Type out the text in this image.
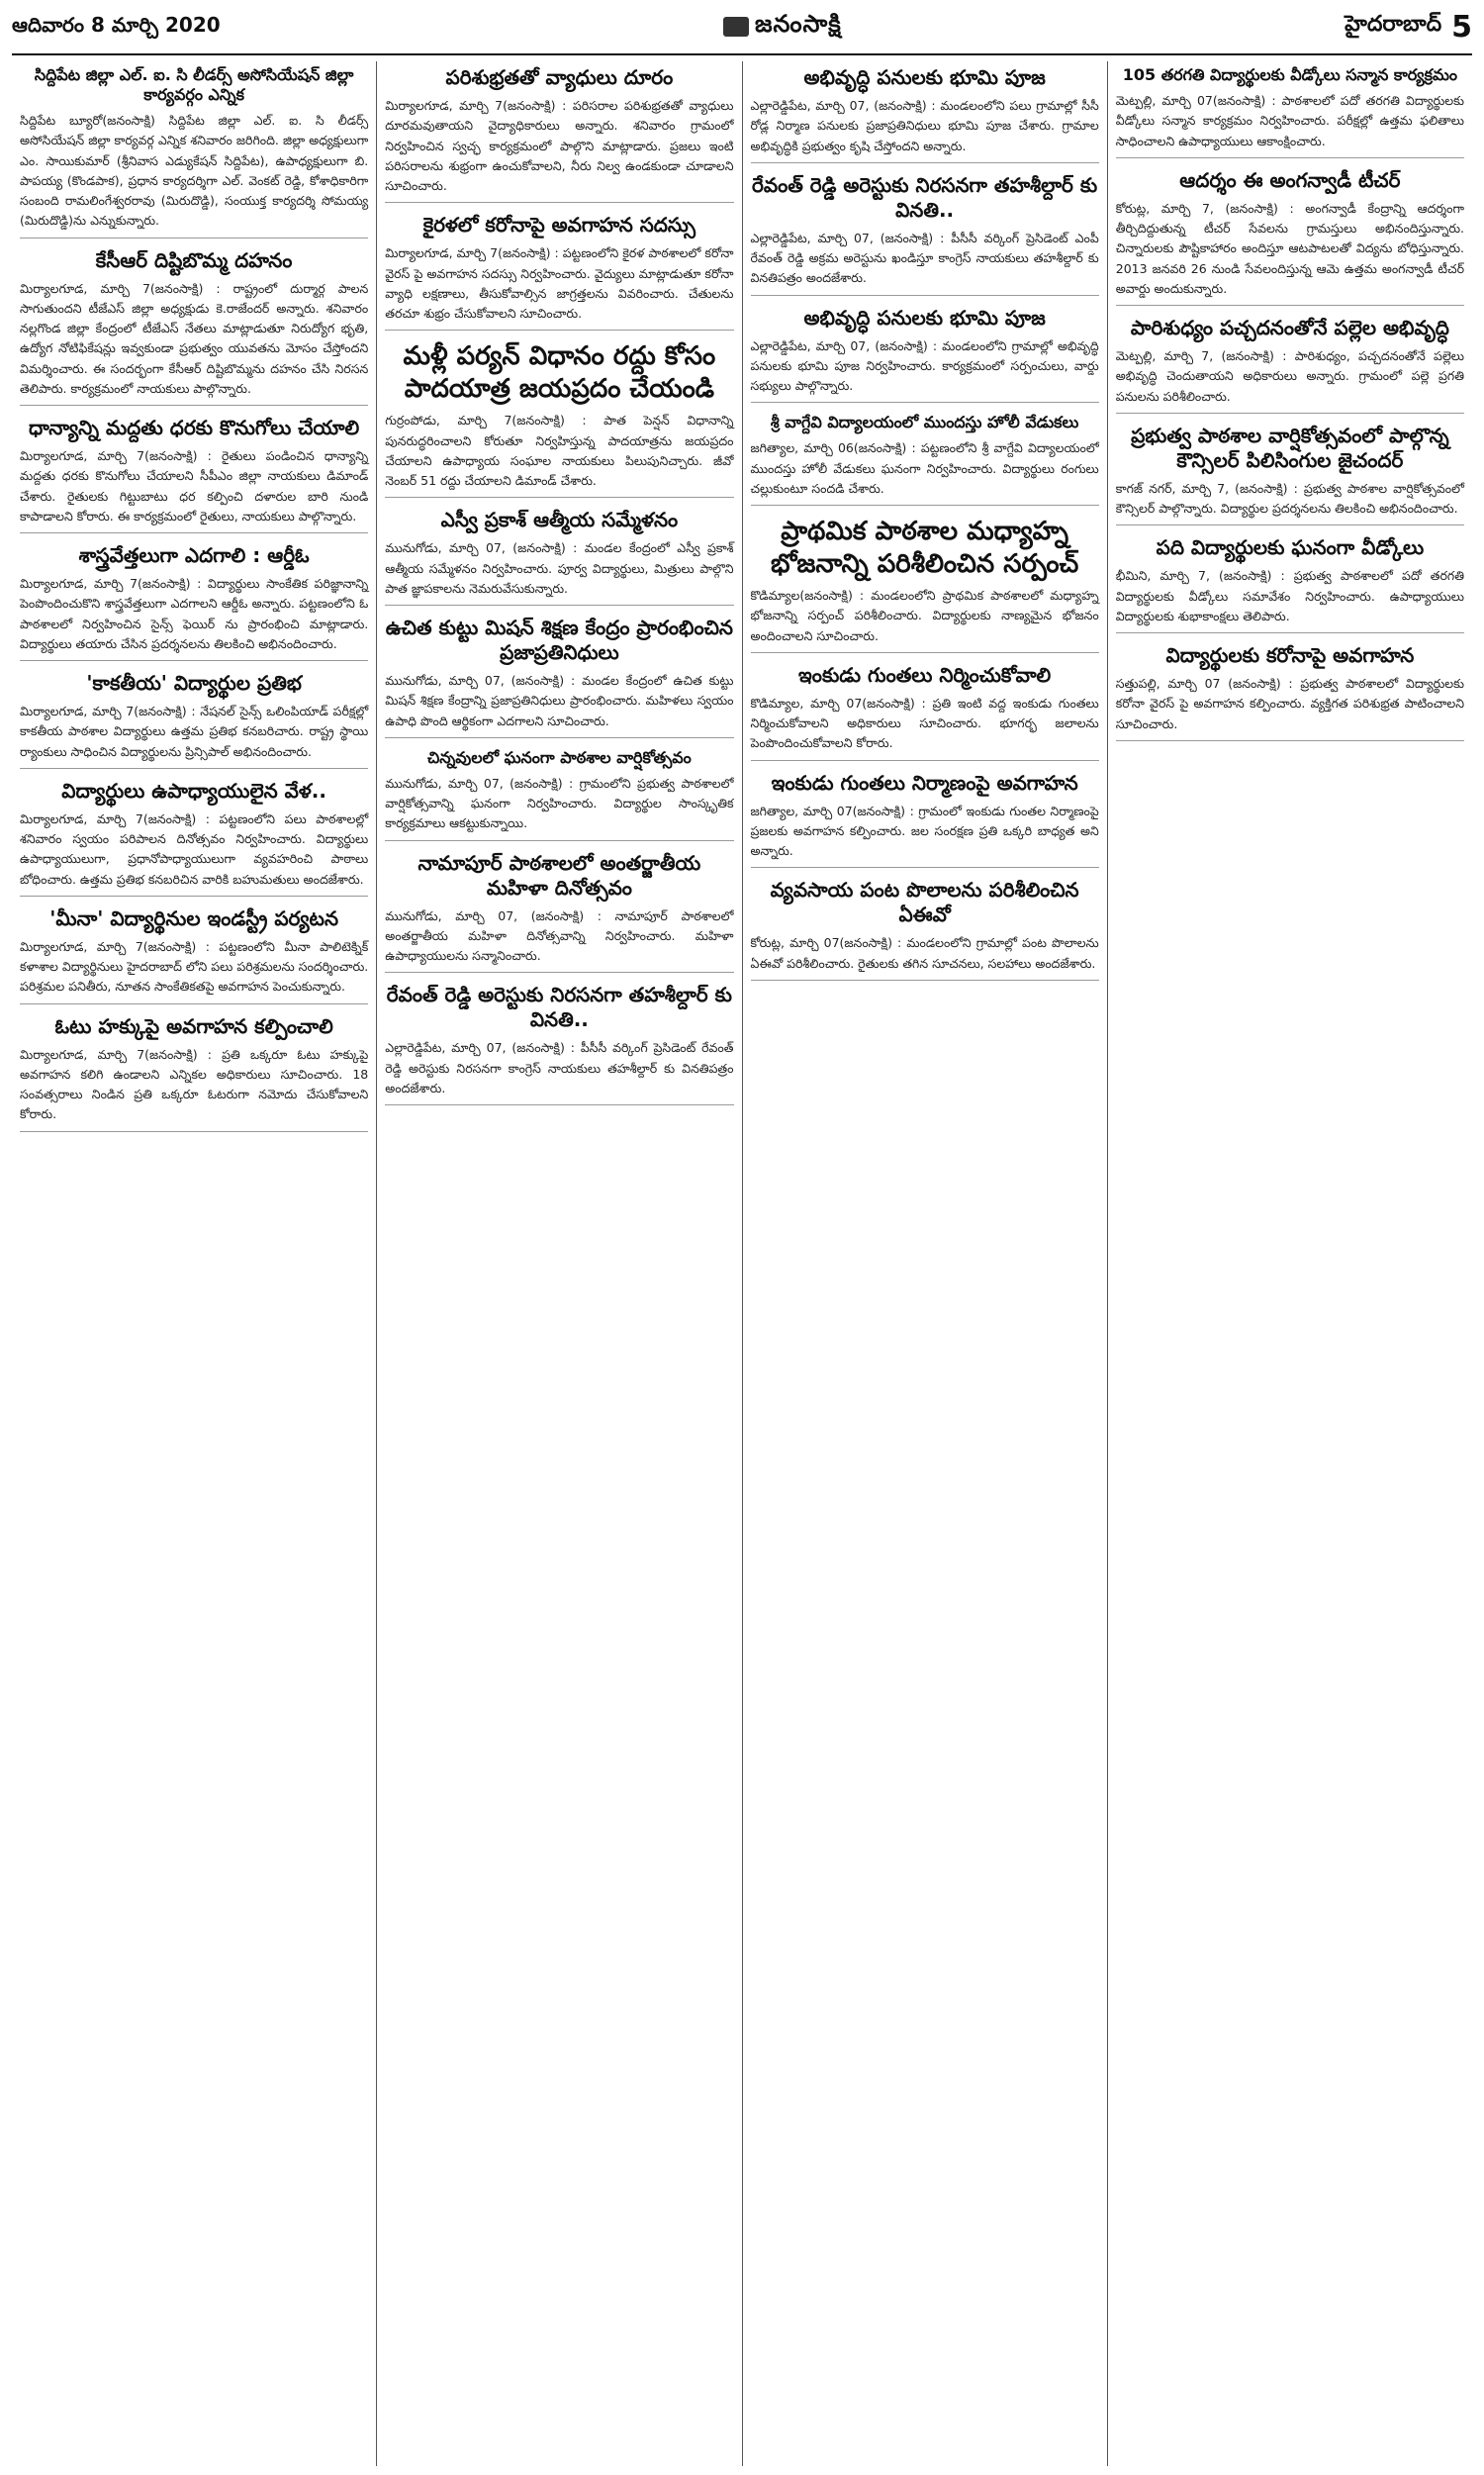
ఆదివారం 8 మార్చి 2020	జనంసాక్షి	హైదరాబాద్ 5
సిద్దిపేట జిల్లా ఎల్. ఐ. సి లీడర్స్ అసోసియేషన్ జిల్లా కార్యవర్గం ఎన్నిక
సిద్దిపేట బ్యూరో(జనంసాక్షి) సిద్దిపేట జిల్లా ఎల్. ఐ. సి లీడర్స్ అసోసియేషన్ జిల్లా కార్యవర్గ ఎన్నిక శనివారం జరిగింది. జిల్లా అధ్యక్షులుగా ఎం. సాయికుమార్ (శ్రీనివాస ఎడ్యుకేషన్ సిద్దిపేట), ఉపాధ్యక్షులుగా బి. పాపయ్య (కొండపాక), ప్రధాన కార్యదర్శిగా ఎల్. వెంకట్ రెడ్డి, కోశాధికారిగా సంబంది రామలింగేశ్వరరావు (మిరుదొడ్డి), సంయుక్త కార్యదర్శి సోమయ్య (మిరుదొడ్డి)ను ఎన్నుకున్నారు.
కేసీఆర్ దిష్టిబొమ్మ దహనం
మిర్యాలగూడ, మార్చి 7(జనంసాక్షి) : రాష్ట్రంలో దుర్మార్గ పాలన సాగుతుందని టీజేఎస్ జిల్లా అధ్యక్షుడు కె.రాజేందర్ అన్నారు. శనివారం నల్లగొండ జిల్లా కేంద్రంలో టీజేఎస్ నేతలు మాట్లాడుతూ నిరుద్యోగ భృతి, ఉద్యోగ నోటిఫికేషన్లు ఇవ్వకుండా ప్రభుత్వం యువతను మోసం చేస్తోందని విమర్శించారు. ఈ సందర్భంగా కేసీఆర్ దిష్టిబొమ్మను దహనం చేసి నిరసన తెలిపారు. కార్యక్రమంలో నాయకులు పాల్గొన్నారు.
ధాన్యాన్ని మద్దతు ధరకు కొనుగోలు చేయాలి
మిర్యాలగూడ, మార్చి 7(జనంసాక్షి) : రైతులు పండించిన ధాన్యాన్ని మద్దతు ధరకు కొనుగోలు చేయాలని సీపీఎం జిల్లా నాయకులు డిమాండ్ చేశారు. రైతులకు గిట్టుబాటు ధర కల్పించి దళారుల బారి నుండి కాపాడాలని కోరారు. ఈ కార్యక్రమంలో రైతులు, నాయకులు పాల్గొన్నారు.
శాస్త్రవేత్తలుగా ఎదగాలి : ఆర్డీఓ
మిర్యాలగూడ, మార్చి 7(జనంసాక్షి) : విద్యార్థులు సాంకేతిక పరిజ్ఞానాన్ని పెంపొందించుకొని శాస్త్రవేత్తలుగా ఎదగాలని ఆర్డీఓ అన్నారు. పట్టణంలోని ఓ పాఠశాలలో నిర్వహించిన సైన్స్ ఫెయిర్ ను ప్రారంభించి మాట్లాడారు. విద్యార్థులు తయారు చేసిన ప్రదర్శనలను తిలకించి అభినందించారు.
'కాకతీయ' విద్యార్థుల ప్రతిభ
మిర్యాలగూడ, మార్చి 7(జనంసాక్షి) : నేషనల్ సైన్స్ ఒలింపియాడ్ పరీక్షల్లో కాకతీయ పాఠశాల విద్యార్థులు ఉత్తమ ప్రతిభ కనబరిచారు. రాష్ట్ర స్థాయి ర్యాంకులు సాధించిన విద్యార్థులను ప్రిన్సిపాల్ అభినందించారు.
విద్యార్థులు ఉపాధ్యాయులైన వేళ..
మిర్యాలగూడ, మార్చి 7(జనంసాక్షి) : పట్టణంలోని పలు పాఠశాలల్లో శనివారం స్వయం పరిపాలన దినోత్సవం నిర్వహించారు. విద్యార్థులు ఉపాధ్యాయులుగా, ప్రధానోపాధ్యాయులుగా వ్యవహరించి పాఠాలు బోధించారు. ఉత్తమ ప్రతిభ కనబరిచిన వారికి బహుమతులు అందజేశారు.
'మీనా' విద్యార్థినుల ఇండస్ట్రీ పర్యటన
మిర్యాలగూడ, మార్చి 7(జనంసాక్షి) : పట్టణంలోని మీనా పాలిటెక్నిక్ కళాశాల విద్యార్థినులు హైదరాబాద్ లోని పలు పరిశ్రమలను సందర్శించారు. పరిశ్రమల పనితీరు, నూతన సాంకేతికతపై అవగాహన పెంచుకున్నారు.
ఓటు హక్కుపై అవగాహన కల్పించాలి
మిర్యాలగూడ, మార్చి 7(జనంసాక్షి) : ప్రతి ఒక్కరూ ఓటు హక్కుపై అవగాహన కలిగి ఉండాలని ఎన్నికల అధికారులు సూచించారు. 18 సంవత్సరాలు నిండిన ప్రతి ఒక్కరూ ఓటరుగా నమోదు చేసుకోవాలని కోరారు.
పరిశుభ్రతతో వ్యాధులు దూరం
మిర్యాలగూడ, మార్చి 7(జనంసాక్షి) : పరిసరాల పరిశుభ్రతతో వ్యాధులు దూరమవుతాయని వైద్యాధికారులు అన్నారు. శనివారం గ్రామంలో నిర్వహించిన స్వచ్ఛ కార్యక్రమంలో పాల్గొని మాట్లాడారు. ప్రజలు ఇంటి పరిసరాలను శుభ్రంగా ఉంచుకోవాలని, నీరు నిల్వ ఉండకుండా చూడాలని సూచించారు.
కైరళలో కరోనాపై అవగాహన సదస్సు
మిర్యాలగూడ, మార్చి 7(జనంసాక్షి) : పట్టణంలోని కైరళ పాఠశాలలో కరోనా వైరస్ పై అవగాహన సదస్సు నిర్వహించారు. వైద్యులు మాట్లాడుతూ కరోనా వ్యాధి లక్షణాలు, తీసుకోవాల్సిన జాగ్రత్తలను వివరించారు. చేతులను తరచూ శుభ్రం చేసుకోవాలని సూచించారు.
మళ్లీ పర్యన్ విధానం రద్దు కోసం పాదయాత్ర జయప్రదం చేయండి
గుర్రంపోడు, మార్చి 7(జనంసాక్షి) : పాత పెన్షన్ విధానాన్ని పునరుద్ధరించాలని కోరుతూ నిర్వహిస్తున్న పాదయాత్రను జయప్రదం చేయాలని ఉపాధ్యాయ సంఘాల నాయకులు పిలుపునిచ్చారు. జీవో నెంబర్ 51 రద్దు చేయాలని డిమాండ్ చేశారు.
ఎస్వీ ప్రకాశ్ ఆత్మీయ సమ్మేళనం
మునుగోడు, మార్చి 07, (జనంసాక్షి) : మండల కేంద్రంలో ఎస్వీ ప్రకాశ్ ఆత్మీయ సమ్మేళనం నిర్వహించారు. పూర్వ విద్యార్థులు, మిత్రులు పాల్గొని పాత జ్ఞాపకాలను నెమరువేసుకున్నారు.
ఉచిత కుట్టు మిషన్ శిక్షణ కేంద్రం ప్రారంభించిన ప్రజాప్రతినిధులు
మునుగోడు, మార్చి 07, (జనంసాక్షి) : మండల కేంద్రంలో ఉచిత కుట్టు మిషన్ శిక్షణ కేంద్రాన్ని ప్రజాప్రతినిధులు ప్రారంభించారు. మహిళలు స్వయం ఉపాధి పొంది ఆర్థికంగా ఎదగాలని సూచించారు.
చిన్నవులలో ఘనంగా పాఠశాల వార్షికోత్సవం
మునుగోడు, మార్చి 07, (జనంసాక్షి) : గ్రామంలోని ప్రభుత్వ పాఠశాలలో వార్షికోత్సవాన్ని ఘనంగా నిర్వహించారు. విద్యార్థుల సాంస్కృతిక కార్యక్రమాలు ఆకట్టుకున్నాయి.
నామాపూర్ పాఠశాలలో అంతర్జాతీయ మహిళా దినోత్సవం
మునుగోడు, మార్చి 07, (జనంసాక్షి) : నామాపూర్ పాఠశాలలో అంతర్జాతీయ మహిళా దినోత్సవాన్ని నిర్వహించారు. మహిళా ఉపాధ్యాయులను సన్మానించారు.
రేవంత్ రెడ్డి అరెస్టుకు నిరసనగా తహశీల్దార్ కు వినతి..
ఎల్లారెడ్డిపేట, మార్చి 07, (జనంసాక్షి) : పీసీసీ వర్కింగ్ ప్రెసిడెంట్ రేవంత్ రెడ్డి అరెస్టుకు నిరసనగా కాంగ్రెస్ నాయకులు తహశీల్దార్ కు వినతిపత్రం అందజేశారు.
అభివృద్ధి పనులకు భూమి పూజ
ఎల్లారెడ్డిపేట, మార్చి 07, (జనంసాక్షి) : మండలంలోని పలు గ్రామాల్లో సీసీ రోడ్ల నిర్మాణ పనులకు ప్రజాప్రతినిధులు భూమి పూజ చేశారు. గ్రామాల అభివృద్ధికి ప్రభుత్వం కృషి చేస్తోందని అన్నారు.
రేవంత్ రెడ్డి అరెస్టుకు నిరసనగా తహశీల్దార్ కు వినతి..
ఎల్లారెడ్డిపేట, మార్చి 07, (జనంసాక్షి) : పీసీసీ వర్కింగ్ ప్రెసిడెంట్ ఎంపీ రేవంత్ రెడ్డి అక్రమ అరెస్టును ఖండిస్తూ కాంగ్రెస్ నాయకులు తహశీల్దార్ కు వినతిపత్రం అందజేశారు.
అభివృద్ధి పనులకు భూమి పూజ
ఎల్లారెడ్డిపేట, మార్చి 07, (జనంసాక్షి) : మండలంలోని గ్రామాల్లో అభివృద్ధి పనులకు భూమి పూజ నిర్వహించారు. కార్యక్రమంలో సర్పంచులు, వార్డు సభ్యులు పాల్గొన్నారు.
శ్రీ వాగ్దేవి విద్యాలయంలో ముందస్తు హోలీ వేడుకలు
జగిత్యాల, మార్చి 06(జనంసాక్షి) : పట్టణంలోని శ్రీ వాగ్దేవి విద్యాలయంలో ముందస్తు హోలీ వేడుకలు ఘనంగా నిర్వహించారు. విద్యార్థులు రంగులు చల్లుకుంటూ సందడి చేశారు.
ప్రాథమిక పాఠశాల మధ్యాహ్న భోజనాన్ని పరిశీలించిన సర్పంచ్
కొడిమ్యాల(జనంసాక్షి) : మండలంలోని ప్రాథమిక పాఠశాలలో మధ్యాహ్న భోజనాన్ని సర్పంచ్ పరిశీలించారు. విద్యార్థులకు నాణ్యమైన భోజనం అందించాలని సూచించారు.
ఇంకుడు గుంతలు నిర్మించుకోవాలి
కొడిమ్యాల, మార్చి 07(జనంసాక్షి) : ప్రతి ఇంటి వద్ద ఇంకుడు గుంతలు నిర్మించుకోవాలని అధికారులు సూచించారు. భూగర్భ జలాలను పెంపొందించుకోవాలని కోరారు.
ఇంకుడు గుంతలు నిర్మాణంపై అవగాహన
జగిత్యాల, మార్చి 07(జనంసాక్షి) : గ్రామంలో ఇంకుడు గుంతల నిర్మాణంపై ప్రజలకు అవగాహన కల్పించారు. జల సంరక్షణ ప్రతి ఒక్కరి బాధ్యత అని అన్నారు.
వ్యవసాయ పంట పొలాలను పరిశీలించిన ఏఈవో
కోరుట్ల, మార్చి 07(జనంసాక్షి) : మండలంలోని గ్రామాల్లో పంట పొలాలను ఏఈవో పరిశీలించారు. రైతులకు తగిన సూచనలు, సలహాలు అందజేశారు.
105 తరగతి విద్యార్థులకు వీడ్కోలు సన్మాన కార్యక్రమం
మెట్పల్లి, మార్చి 07(జనంసాక్షి) : పాఠశాలలో పదో తరగతి విద్యార్థులకు వీడ్కోలు సన్మాన కార్యక్రమం నిర్వహించారు. పరీక్షల్లో ఉత్తమ ఫలితాలు సాధించాలని ఉపాధ్యాయులు ఆకాంక్షించారు.
ఆదర్శం ఈ అంగన్వాడీ టీచర్
కోరుట్ల, మార్చి 7, (జనంసాక్షి) : అంగన్వాడీ కేంద్రాన్ని ఆదర్శంగా తీర్చిదిద్దుతున్న టీచర్ సేవలను గ్రామస్తులు అభినందిస్తున్నారు. చిన్నారులకు పౌష్టికాహారం అందిస్తూ ఆటపాటలతో విద్యను బోధిస్తున్నారు. 2013 జనవరి 26 నుండి సేవలందిస్తున్న ఆమె ఉత్తమ అంగన్వాడీ టీచర్ అవార్డు అందుకున్నారు.
పారిశుధ్యం పచ్చదనంతోనే పల్లెల అభివృద్ధి
మెట్పల్లి, మార్చి 7, (జనంసాక్షి) : పారిశుధ్యం, పచ్చదనంతోనే పల్లెలు అభివృద్ధి చెందుతాయని అధికారులు అన్నారు. గ్రామంలో పల్లె ప్రగతి పనులను పరిశీలించారు.
ప్రభుత్వ పాఠశాల వార్షికోత్సవంలో పాల్గొన్న కౌన్సిలర్ పిలిసింగుల జైచందర్
కాగజ్ నగర్, మార్చి 7, (జనంసాక్షి) : ప్రభుత్వ పాఠశాల వార్షికోత్సవంలో కౌన్సిలర్ పాల్గొన్నారు. విద్యార్థుల ప్రదర్శనలను తిలకించి అభినందించారు.
పది విద్యార్థులకు ఘనంగా వీడ్కోలు
భీమిని, మార్చి 7, (జనంసాక్షి) : ప్రభుత్వ పాఠశాలలో పదో తరగతి విద్యార్థులకు వీడ్కోలు సమావేశం నిర్వహించారు. ఉపాధ్యాయులు విద్యార్థులకు శుభాకాంక్షలు తెలిపారు.
విద్యార్థులకు కరోనాపై అవగాహన
సత్తుపల్లి, మార్చి 07 (జనంసాక్షి) : ప్రభుత్వ పాఠశాలలో విద్యార్థులకు కరోనా వైరస్ పై అవగాహన కల్పించారు. వ్యక్తిగత పరిశుభ్రత పాటించాలని సూచించారు.
